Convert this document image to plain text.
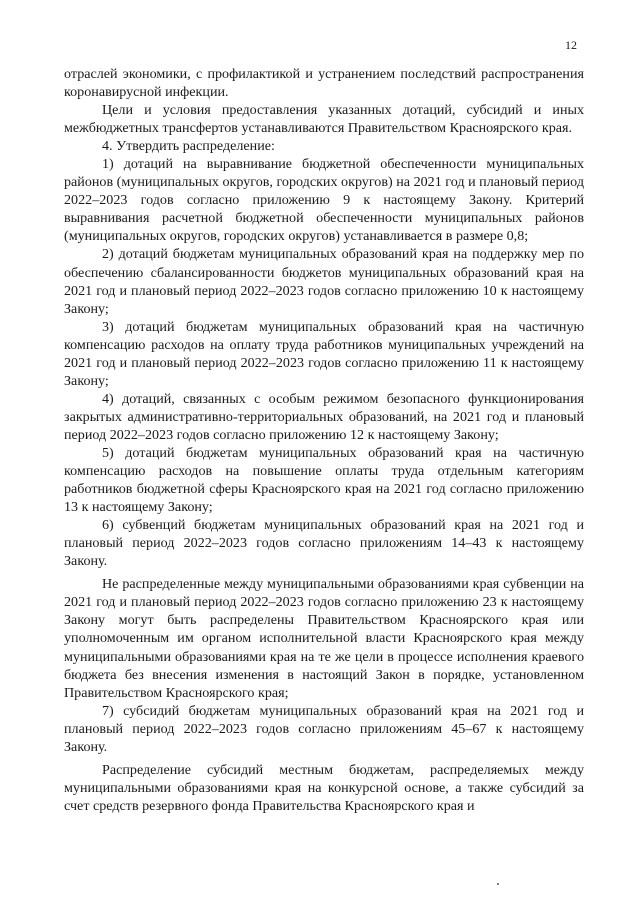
12

отраслей экономики, с профилактикой и устранением последствий распространения коронавирусной инфекции.

Цели и условия предоставления указанных дотаций, субсидий и иных межбюджетных трансфертов устанавливаются Правительством Красноярского края.

4. Утвердить распределение:

1) дотаций на выравнивание бюджетной обеспеченности муниципальных районов (муниципальных округов, городских округов) на 2021 год и плановый период 2022–2023 годов согласно приложению 9 к настоящему Закону. Критерий выравнивания расчетной бюджетной обеспеченности муниципальных районов (муниципальных округов, городских округов) устанавливается в размере 0,8;

2) дотаций бюджетам муниципальных образований края на поддержку мер по обеспечению сбалансированности бюджетов муниципальных образований края на 2021 год и плановый период 2022–2023 годов согласно приложению 10 к настоящему Закону;

3) дотаций бюджетам муниципальных образований края на частичную компенсацию расходов на оплату труда работников муниципальных учреждений на 2021 год и плановый период 2022–2023 годов согласно приложению 11 к настоящему Закону;

4) дотаций, связанных с особым режимом безопасного функционирования закрытых административно-территориальных образований, на 2021 год и плановый период 2022–2023 годов согласно приложению 12 к настоящему Закону;

5) дотаций бюджетам муниципальных образований края на частичную компенсацию расходов на повышение оплаты труда отдельным категориям работников бюджетной сферы Красноярского края на 2021 год согласно приложению 13 к настоящему Закону;

6) субвенций бюджетам муниципальных образований края на 2021 год и плановый период 2022–2023 годов согласно приложениям 14–43 к настоящему Закону.

Не распределенные между муниципальными образованиями края субвенции на 2021 год и плановый период 2022–2023 годов согласно приложению 23 к настоящему Закону могут быть распределены Правительством Красноярского края или уполномоченным им органом исполнительной власти Красноярского края между муниципальными образованиями края на те же цели в процессе исполнения краевого бюджета без внесения изменения в настоящий Закон в порядке, установленном Правительством Красноярского края;

7) субсидий бюджетам муниципальных образований края на 2021 год и плановый период 2022–2023 годов согласно приложениям 45–67 к настоящему Закону.

Распределение субсидий местным бюджетам, распределяемых между муниципальными образованиями края на конкурсной основе, а также субсидий за счет средств резервного фонда Правительства Красноярского края и
